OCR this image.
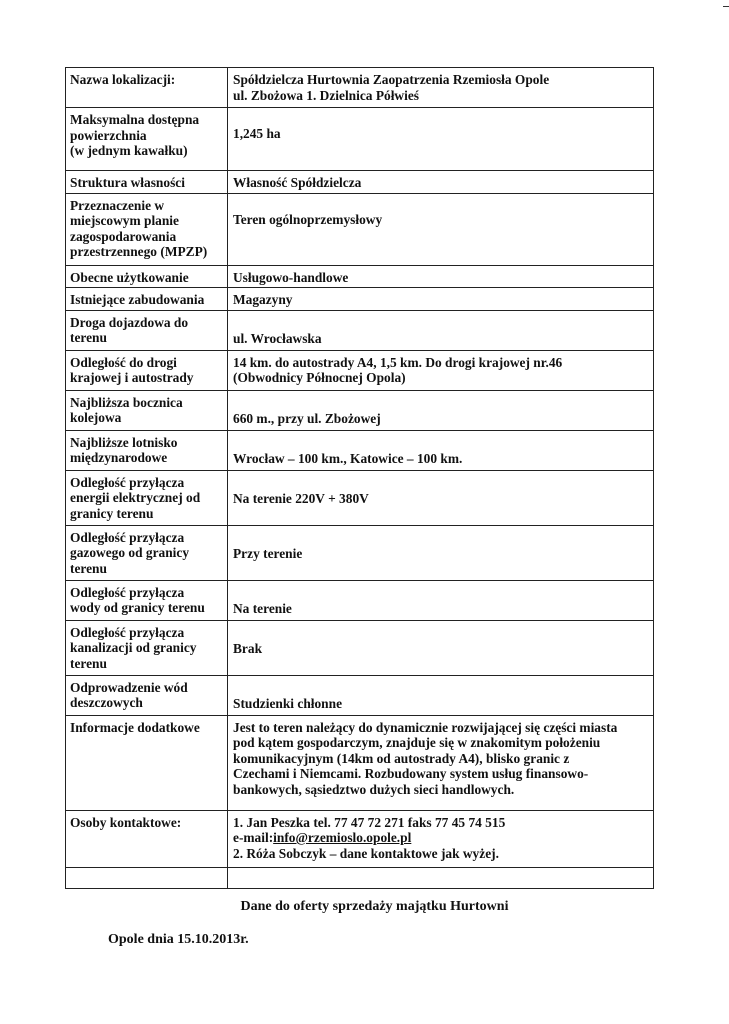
Nazwa lokalizacji:	Spółdzielcza Hurtownia Zaopatrzenia Rzemiosła Opole
ul. Zbożowa 1. Dzielnica Półwieś

Maksymalna dostępna
powierzchnia
(w jednym kawałku)	1,245 ha

Struktura własności	Własność Spółdzielcza

Przeznaczenie w
miejscowym planie
zagospodarowania
przestrzennego (MPZP)	Teren ogólnoprzemysłowy

Obecne użytkowanie	Usługowo-handlowe

Istniejące zabudowania	Magazyny

Droga dojazdowa do
terenu	ul. Wrocławska

Odległość do drogi
krajowej i autostrady	14 km. do autostrady A4, 1,5 km. Do drogi krajowej nr.46
(Obwodnicy Północnej Opola)

Najbliższa bocznica
kolejowa	660 m., przy ul. Zbożowej

Najbliższe lotnisko
międzynarodowe	Wrocław – 100 km., Katowice – 100 km.

Odległość przyłącza
energii elektrycznej od
granicy terenu	Na terenie 220V + 380V

Odległość przyłącza
gazowego od granicy
terenu	Przy terenie

Odległość przyłącza
wody od granicy terenu	Na terenie

Odległość przyłącza
kanalizacji od granicy
terenu	Brak

Odprowadzenie wód
deszczowych	Studzienki chłonne

Informacje dodatkowe	Jest to teren należący do dynamicznie rozwijającej się części miasta
pod kątem gospodarczym, znajduje się w znakomitym położeniu
komunikacyjnym (14km od autostrady A4), blisko granic z
Czechami i Niemcami. Rozbudowany system usług finansowo-
bankowych, sąsiedztwo dużych sieci handlowych.

Osoby kontaktowe:	1. Jan Peszka tel. 77 47 72 271 faks 77 45 74 515
e-mail:info@rzemioslo.opole.pl
2. Róża Sobczyk – dane kontaktowe jak wyżej.

Dane do oferty sprzedaży majątku Hurtowni
Opole dnia 15.10.2013r.
